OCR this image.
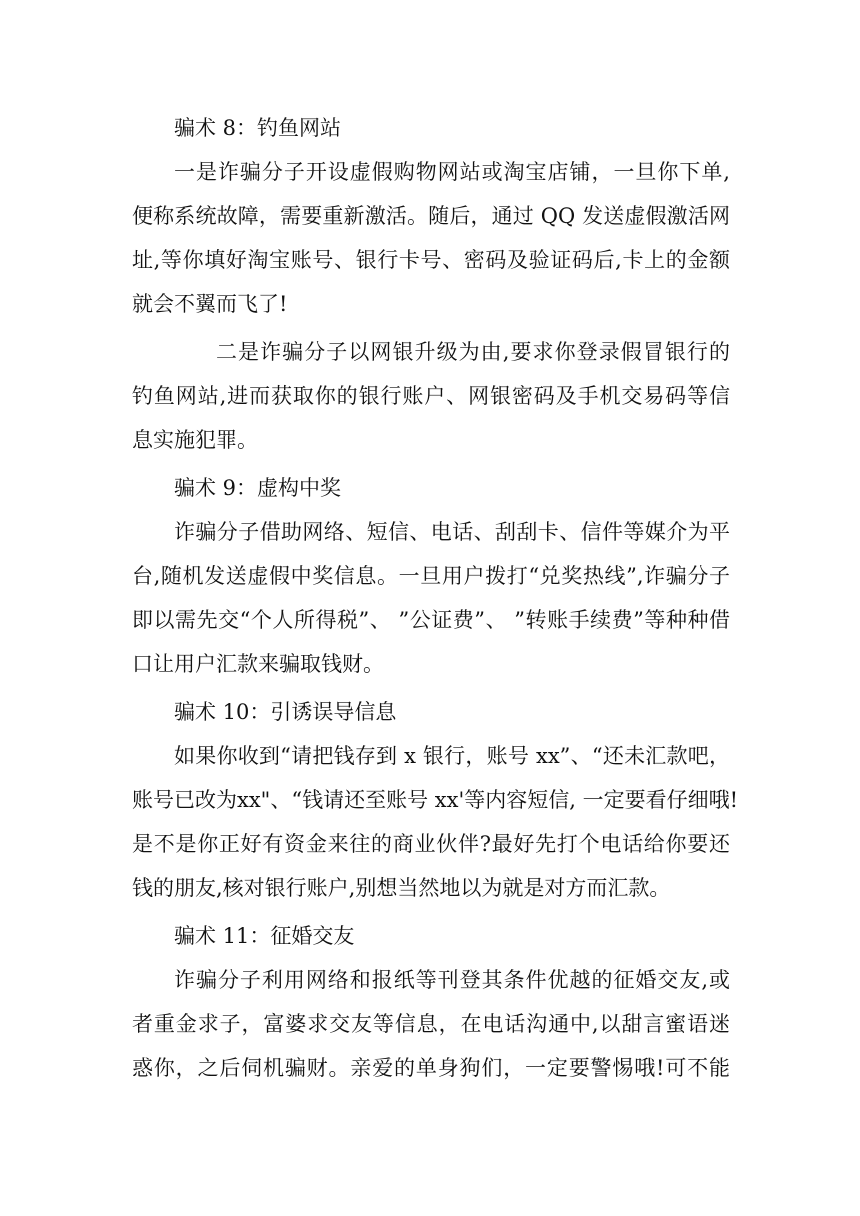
骗术 8：钓鱼网站
一是诈骗分子开设虚假购物网站或淘宝店铺，一旦你下单,
便称系统故障，需要重新激活。随后，通过 QQ 发送虚假激活网
址,等你填好淘宝账号、银行卡号、密码及验证码后,卡上的金额
就会不翼而飞了!
二是诈骗分子以网银升级为由,要求你登录假冒银行的
钓鱼网站,进而获取你的银行账户、网银密码及手机交易码等信
息实施犯罪。
骗术 9：虚构中奖
诈骗分子借助网络、短信、电话、刮刮卡、信件等媒介为平
台,随机发送虚假中奖信息。一旦用户拨打“兑奖热线”,诈骗分子
即以需先交“个人所得税”、 ”公证费”、 ”转账手续费”等种种借
口让用户汇款来骗取钱财。
骗术 10：引诱误导信息
如果你收到“请把钱存到 x 银行，账号 xx”、“还未汇款吧，
账号已改为xx"、“钱请还至账号 xx'等内容短信, 一定要看仔细哦!
是不是你正好有资金来往的商业伙伴?最好先打个电话给你要还
钱的朋友,核对银行账户,别想当然地以为就是对方而汇款。
骗术 11：征婚交友
诈骗分子利用网络和报纸等刊登其条件优越的征婚交友,或
者重金求子，富婆求交友等信息，在电话沟通中,以甜言蜜语迷
惑你，之后伺机骗财。亲爱的单身狗们，一定要警惕哦!可不能
